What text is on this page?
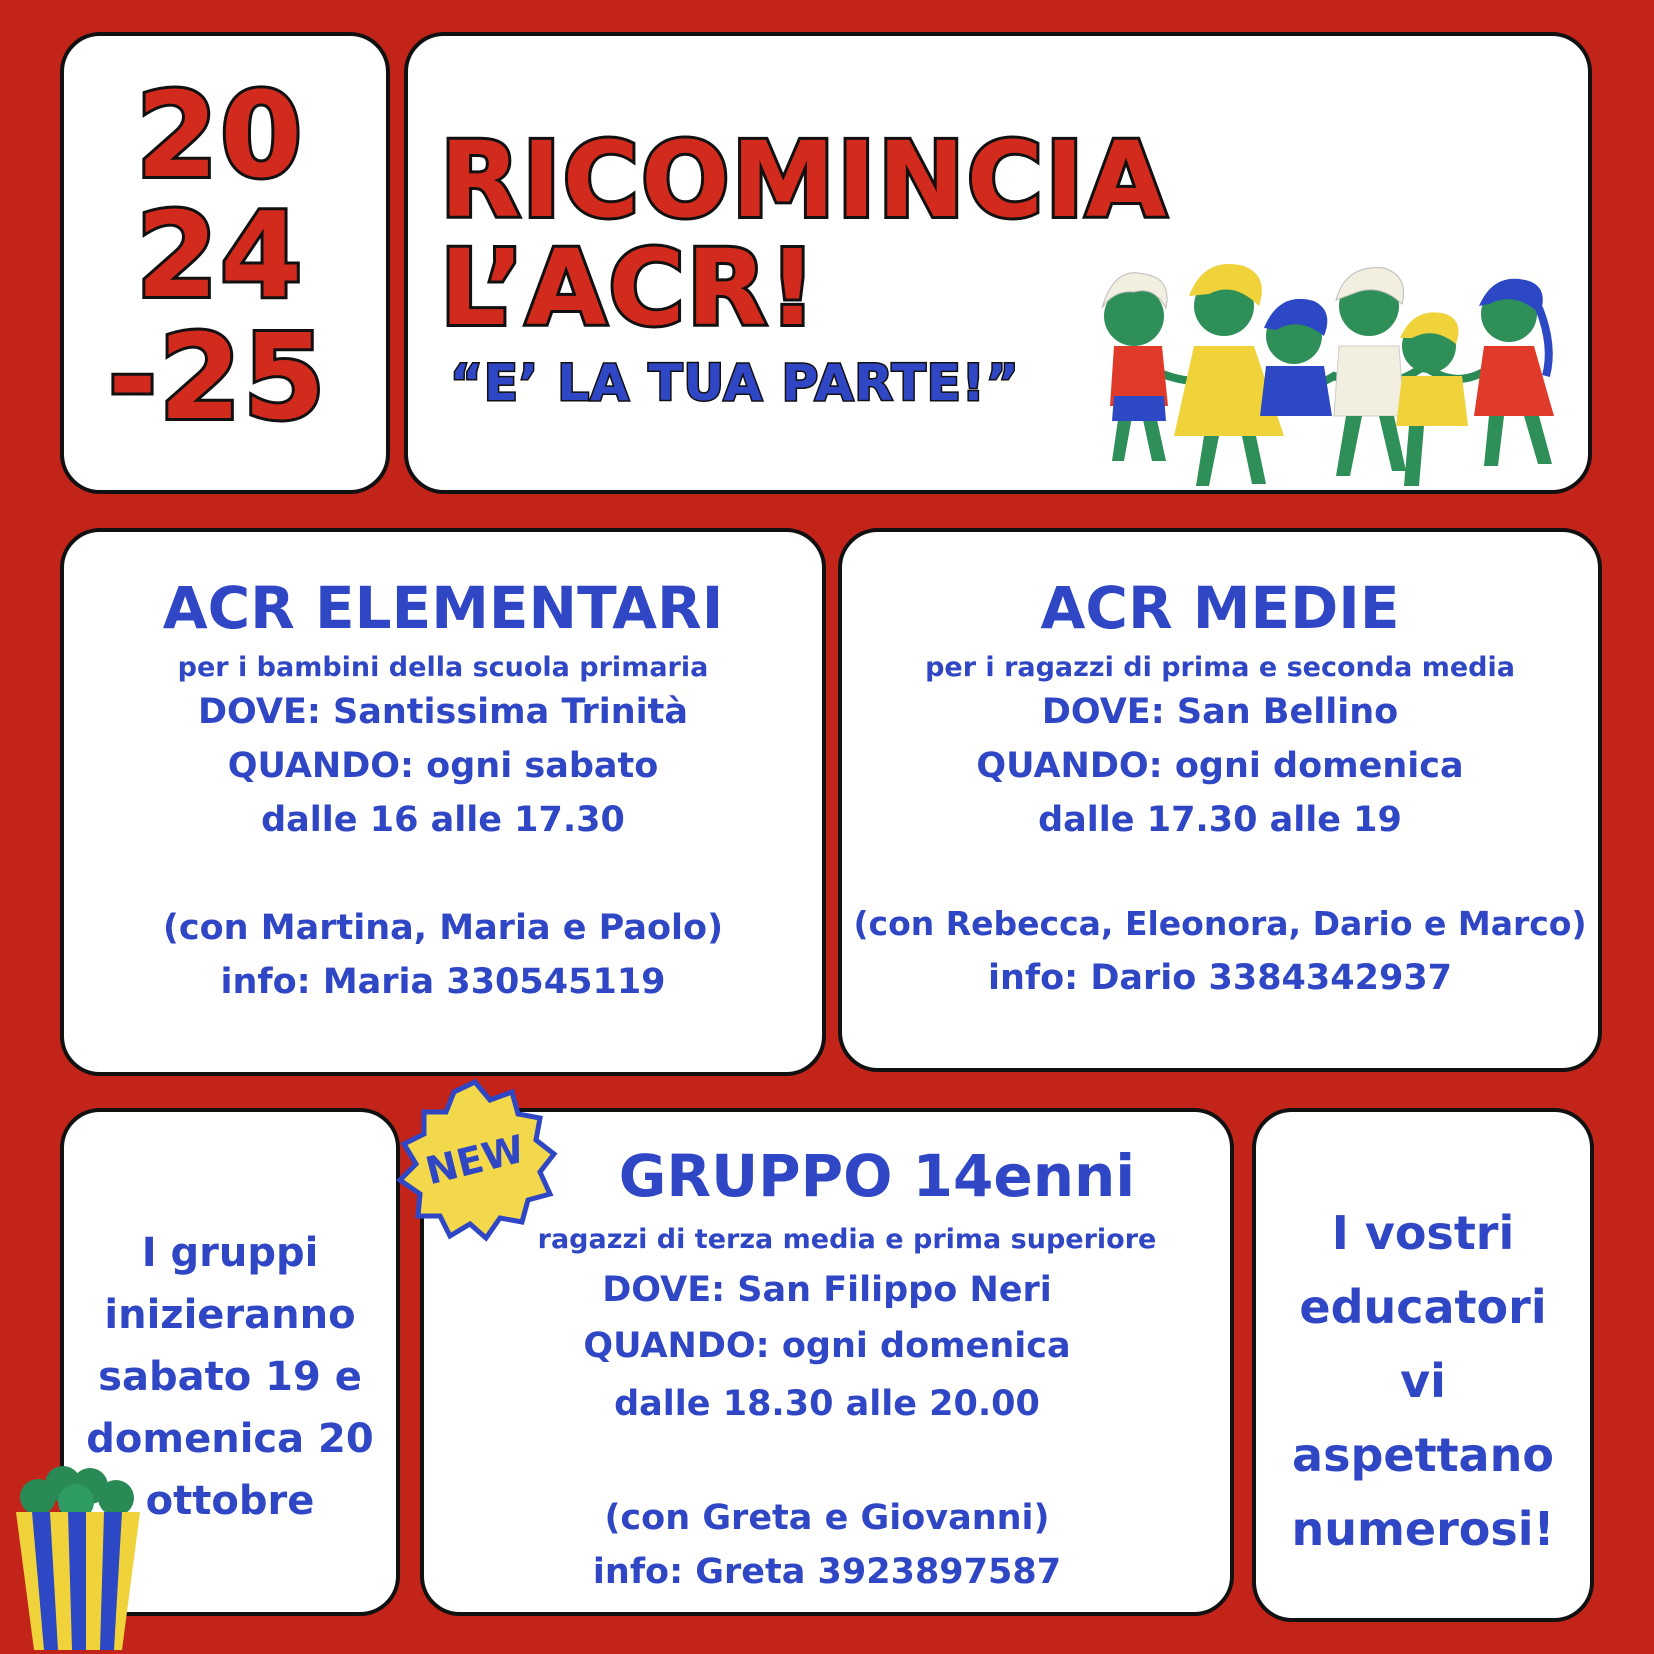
20
24
-25
RICOMINCIA
L’ACR!
“E’ LA TUA PARTE!”
ACR ELEMENTARI
per i bambini della scuola primaria
DOVE: Santissima Trinità
QUANDO: ogni sabato
dalle 16 alle 17.30
(con Martina, Maria e Paolo)
info: Maria 330545119
ACR MEDIE
per i ragazzi di prima e seconda media
DOVE: San Bellino
QUANDO: ogni domenica
dalle 17.30 alle 19
(con Rebecca, Eleonora, Dario e Marco)
info: Dario 3384342937
I gruppi
inizieranno
sabato 19 e
domenica 20
ottobre
GRUPPO 14enni
ragazzi di terza media e prima superiore
DOVE: San Filippo Neri
QUANDO: ogni domenica
dalle 18.30 alle 20.00
(con Greta e Giovanni)
info: Greta 3923897587
NEW
I vostri
educatori
vi
aspettano
numerosi!
